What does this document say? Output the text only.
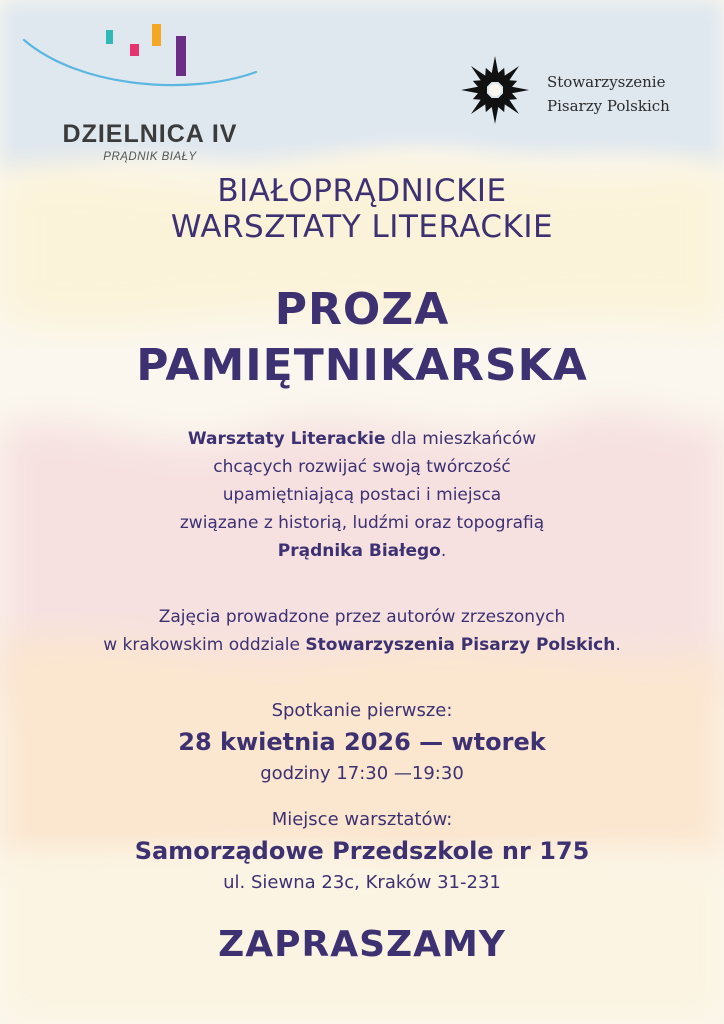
DZIELNICA IV
PRĄDNIK BIAŁY
Stowarzyszenie
Pisarzy Polskich
BIAŁOPRĄDNICKIE
WARSZTATY LITERACKIE
PROZA
PAMIĘTNIKARSKA
Warsztaty Literackie dla mieszkańców
chcących rozwijać swoją twórczość
upamiętniającą postaci i miejsca
związane z historią, ludźmi oraz topografią
Prądnika Białego.
Zajęcia prowadzone przez autorów zrzeszonych
w krakowskim oddziale Stowarzyszenia Pisarzy Polskich.
Spotkanie pierwsze:
28 kwietnia 2026 — wtorek
godziny 17:30 —19:30
Miejsce warsztatów:
Samorządowe Przedszkole nr 175
ul. Siewna 23c, Kraków 31-231
ZAPRASZAMY
